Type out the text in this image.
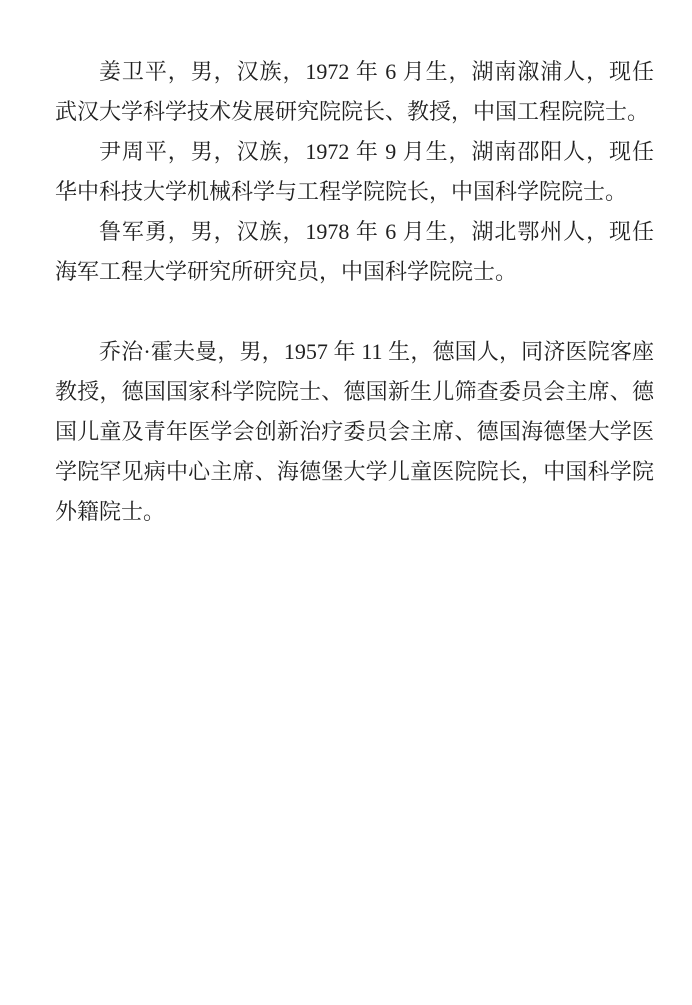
姜卫平，男，汉族，1972 年 6 月生，湖南溆浦人，现任武汉大学科学技术发展研究院院长、教授，中国工程院院士。

尹周平，男，汉族，1972 年 9 月生，湖南邵阳人，现任华中科技大学机械科学与工程学院院长，中国科学院院士。

鲁军勇，男，汉族，1978 年 6 月生，湖北鄂州人，现任海军工程大学研究所研究员，中国科学院院士。

乔治·霍夫曼，男，1957 年 11 生，德国人，同济医院客座教授，德国国家科学院院士、德国新生儿筛查委员会主席、德国儿童及青年医学会创新治疗委员会主席、德国海德堡大学医学院罕见病中心主席、海德堡大学儿童医院院长，中国科学院外籍院士。
